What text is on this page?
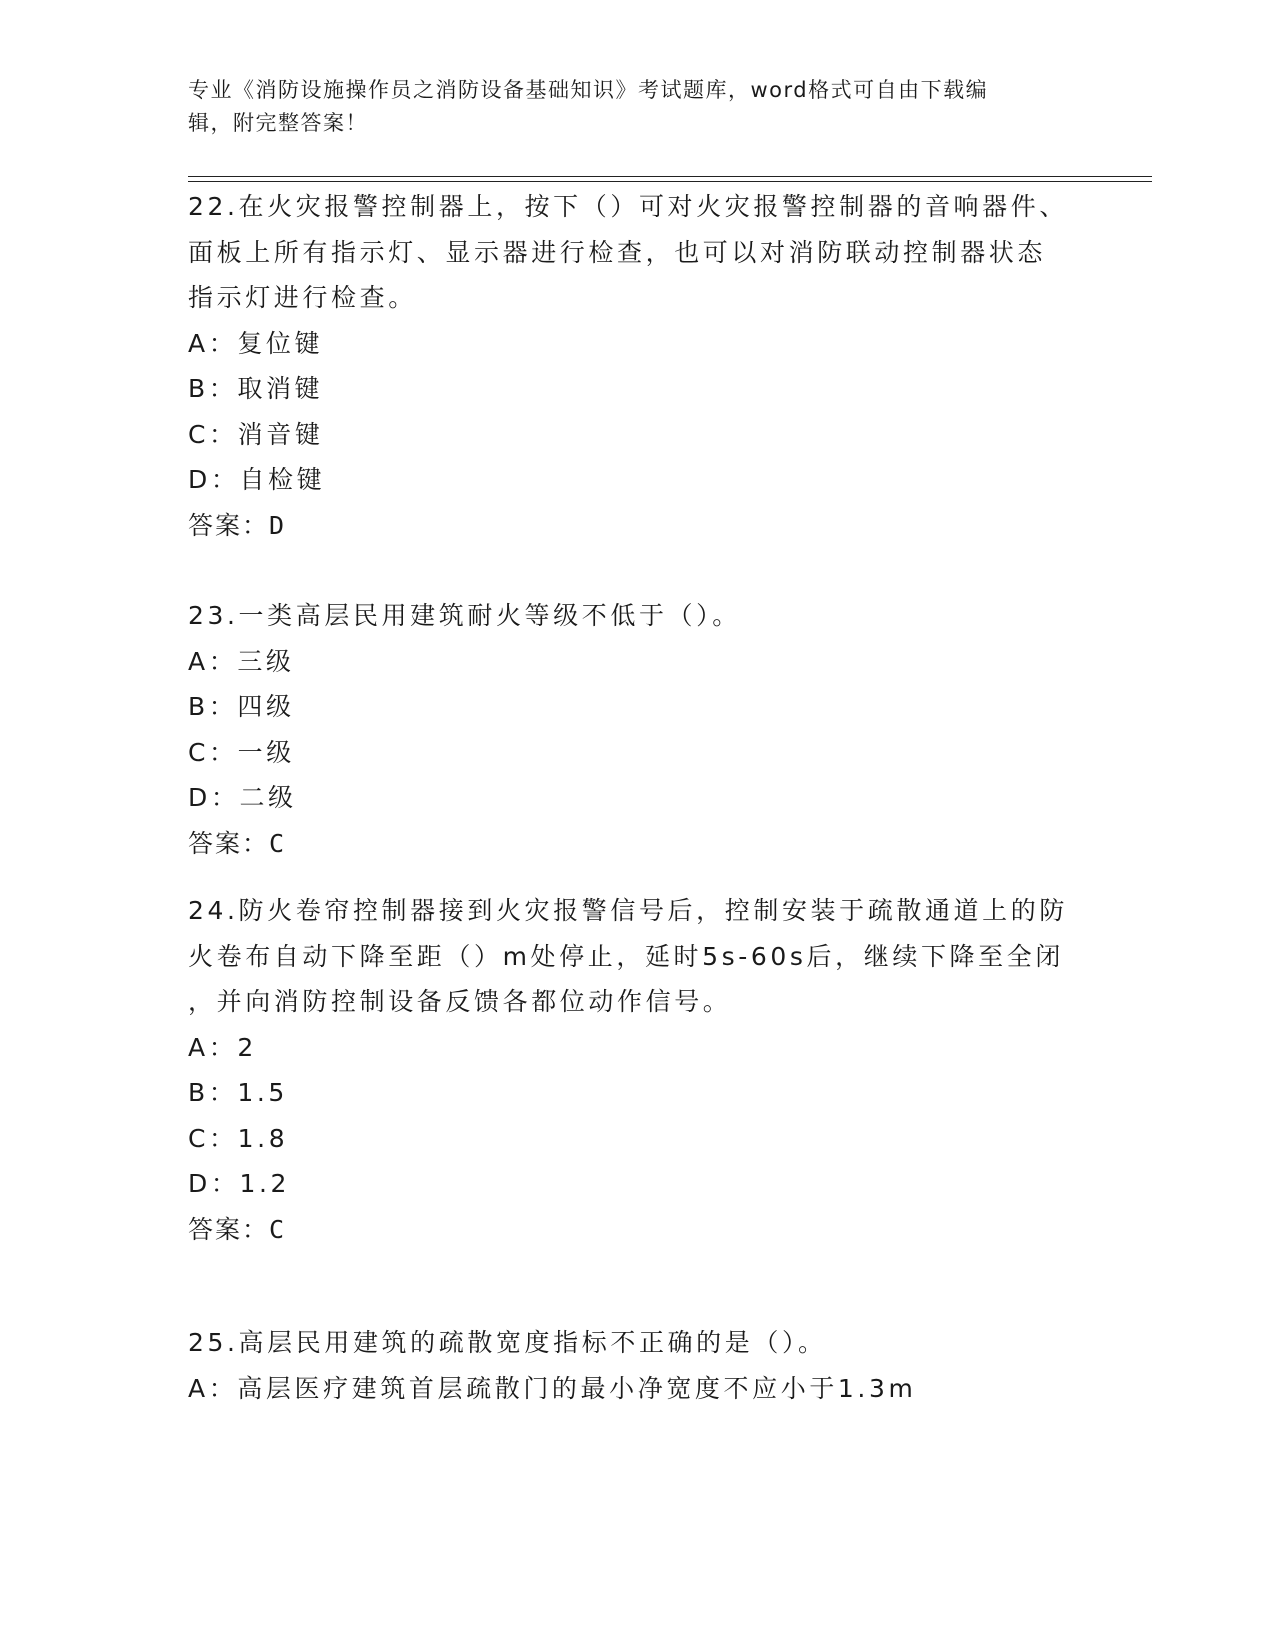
专业《消防设施操作员之消防设备基础知识》考试题库，word格式可自由下载编
辑，附完整答案！

22.在火灾报警控制器上，按下（）可对火灾报警控制器的音响器件、

面板上所有指示灯、显示器进行检查，也可以对消防联动控制器状态

指示灯进行检查。

A：复位键

B：取消键

C：消音键

D：自检键

答案：D

23.一类高层民用建筑耐火等级不低于（）。

A：三级

B：四级

C：一级

D：二级

答案：C

24.防火卷帘控制器接到火灾报警信号后，控制安装于疏散通道上的防

火卷布自动下降至距（）m处停止，延时5s-60s后，继续下降至全闭

，并向消防控制设备反馈各都位动作信号。

A：2

B：1.5

C：1.8

D：1.2

答案：C

25.高层民用建筑的疏散宽度指标不正确的是（）。

A：高层医疗建筑首层疏散门的最小净宽度不应小于1.3m
